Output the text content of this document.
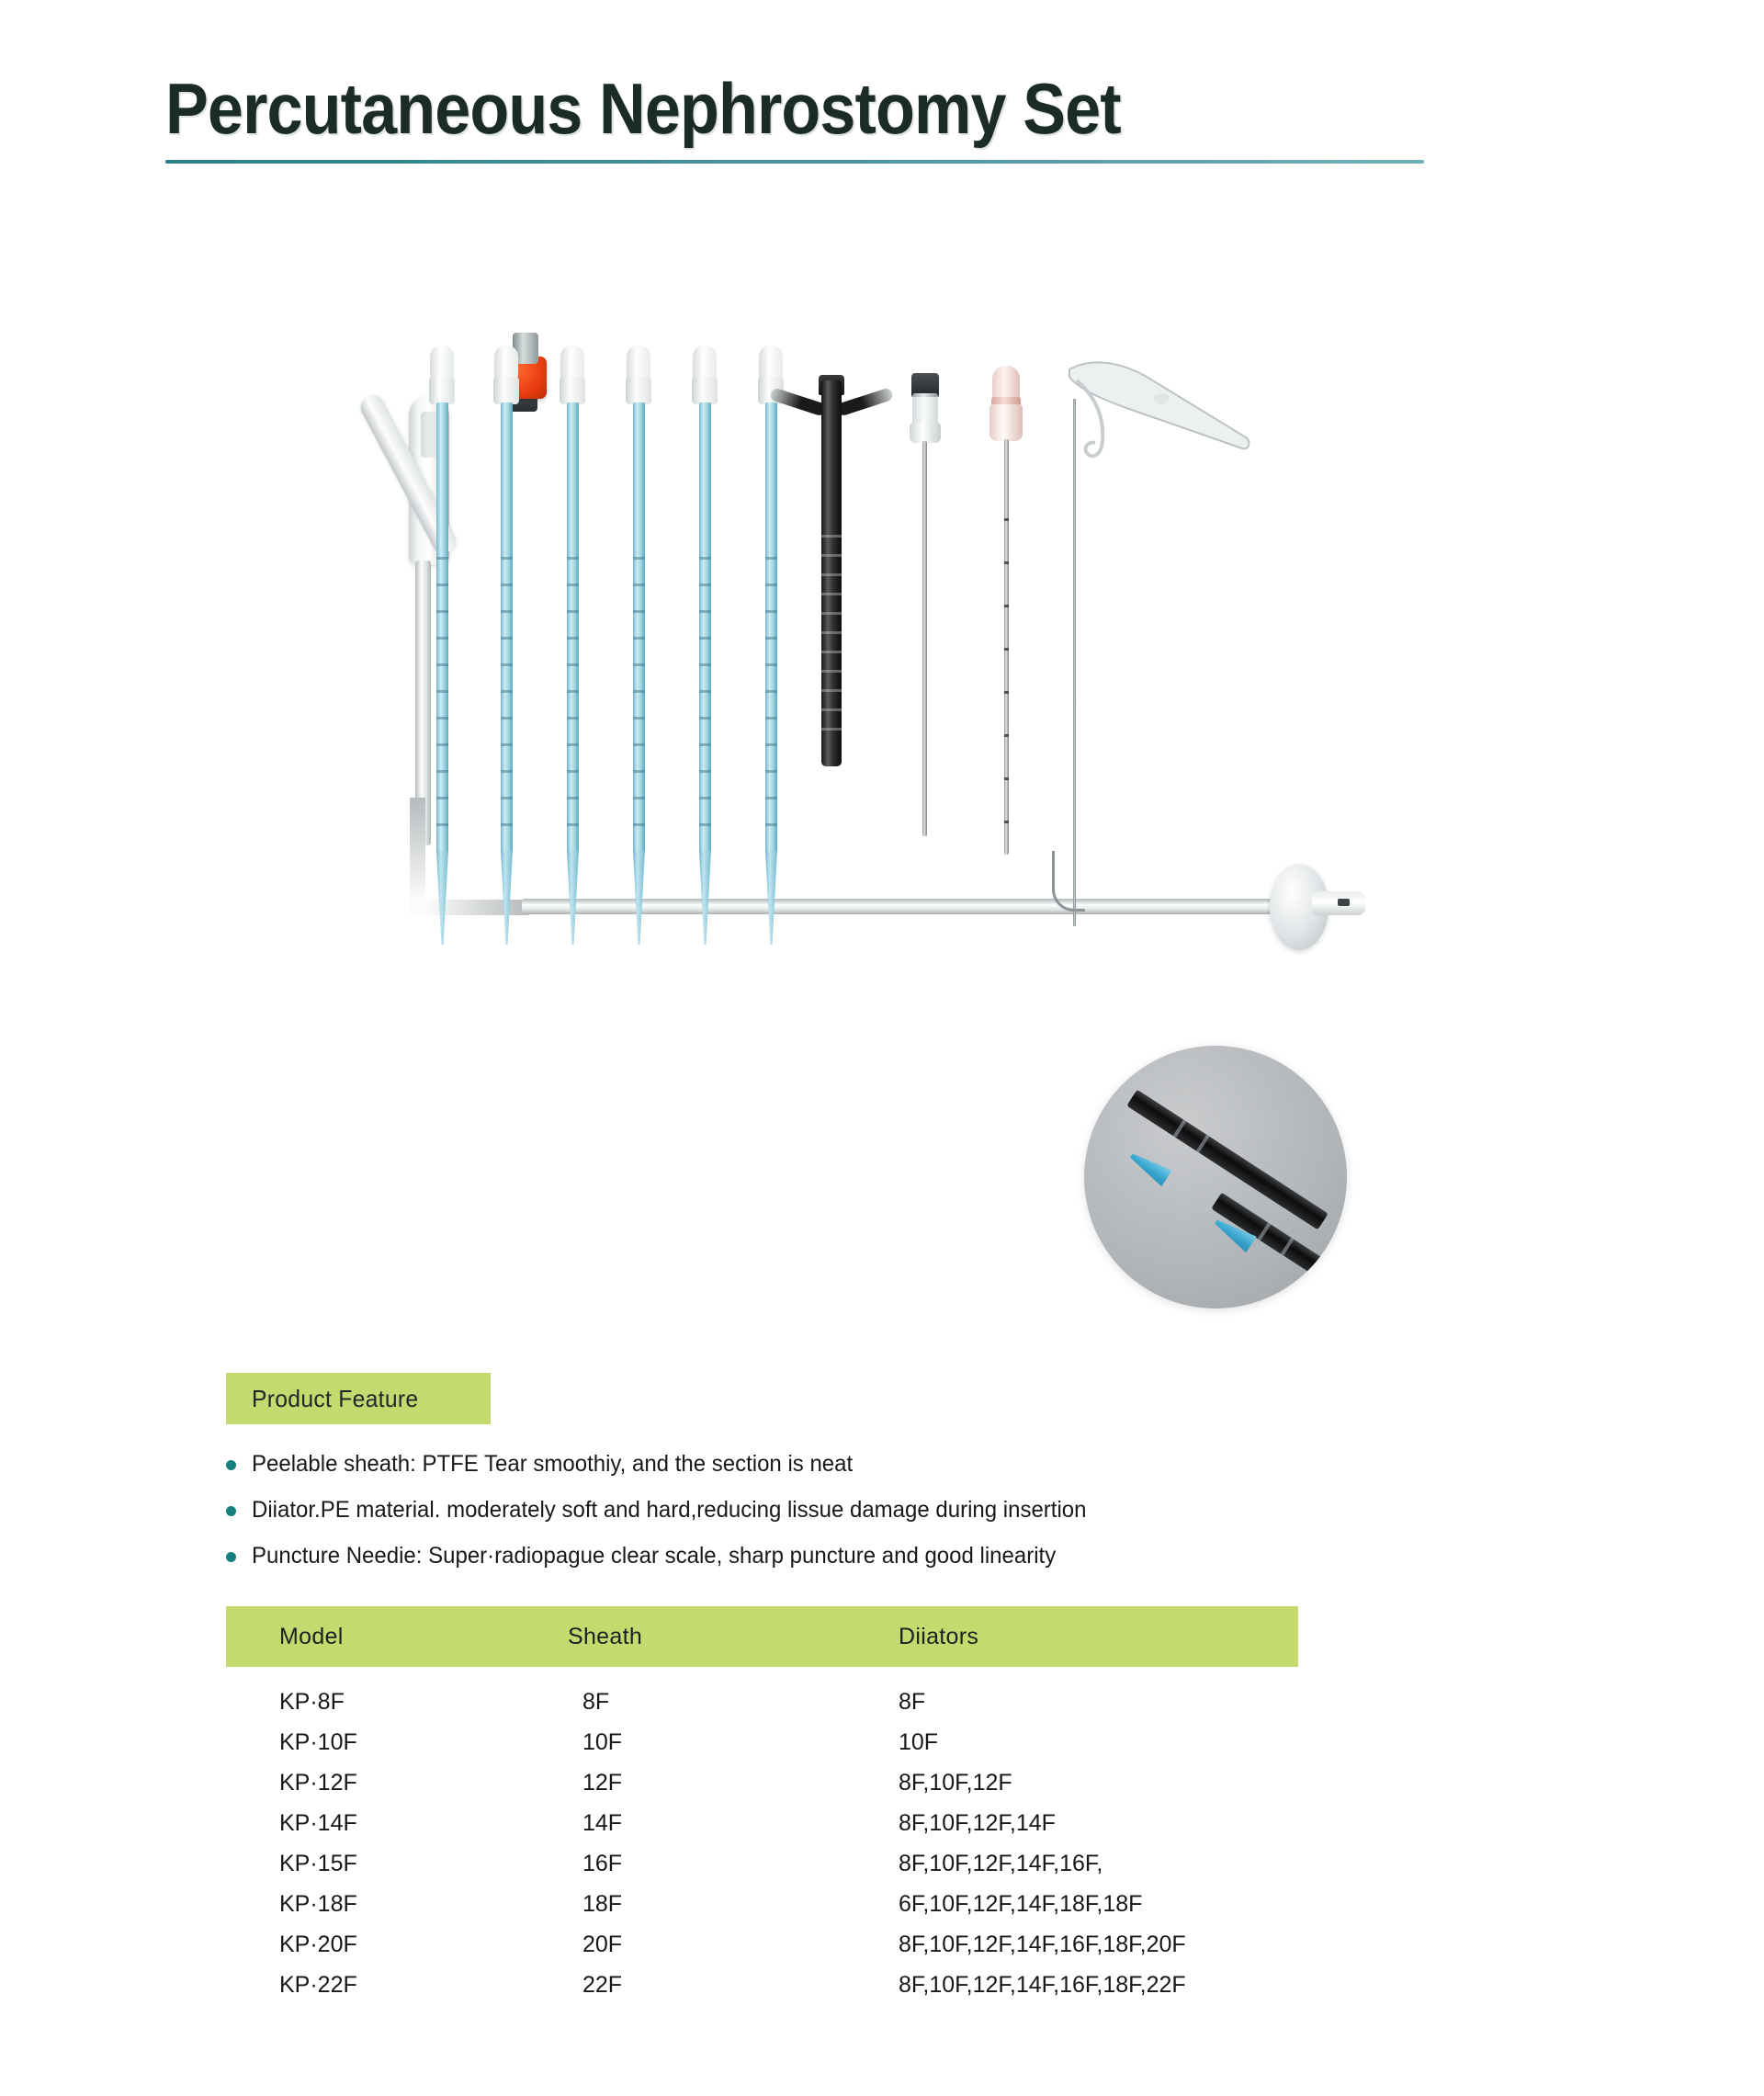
Percutaneous Nephrostomy Set
Product Feature
Peelable sheath: PTFE Tear smoothiy, and the section is neat
Diiator.PE material. moderately soft and hard,reducing lissue damage during insertion
Puncture Needie: Super·radiopague clear scale, sharp puncture and good linearity
Model	Sheath	Diiators
KP·8F	8F	8F
KP·10F	10F	10F
KP·12F	12F	8F,10F,12F
KP·14F	14F	8F,10F,12F,14F
KP·15F	16F	8F,10F,12F,14F,16F,
KP·18F	18F	6F,10F,12F,14F,18F,18F
KP·20F	20F	8F,10F,12F,14F,16F,18F,20F
KP·22F	22F	8F,10F,12F,14F,16F,18F,22F
